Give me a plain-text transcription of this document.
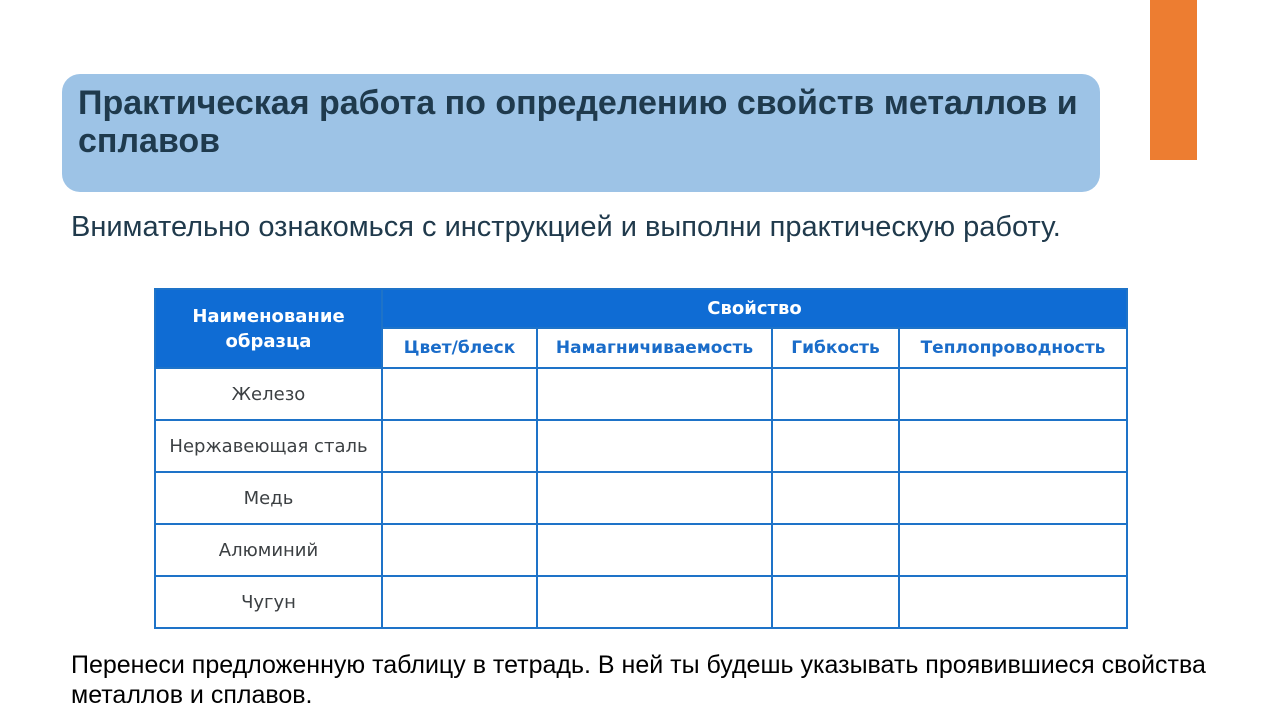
Практическая работа по определению свойств металлов и сплавов

Внимательно ознакомься с инструкцией и выполни практическую работу.

Наименование образца	Свойство			
	Цвет/блеск	Намагничиваемость	Гибкость	Теплопроводность
Железо				
Нержавеющая сталь				
Медь				
Алюминий				
Чугун				

Перенеси предложенную таблицу в тетрадь. В ней ты будешь указывать проявившиеся свойства металлов и сплавов.
